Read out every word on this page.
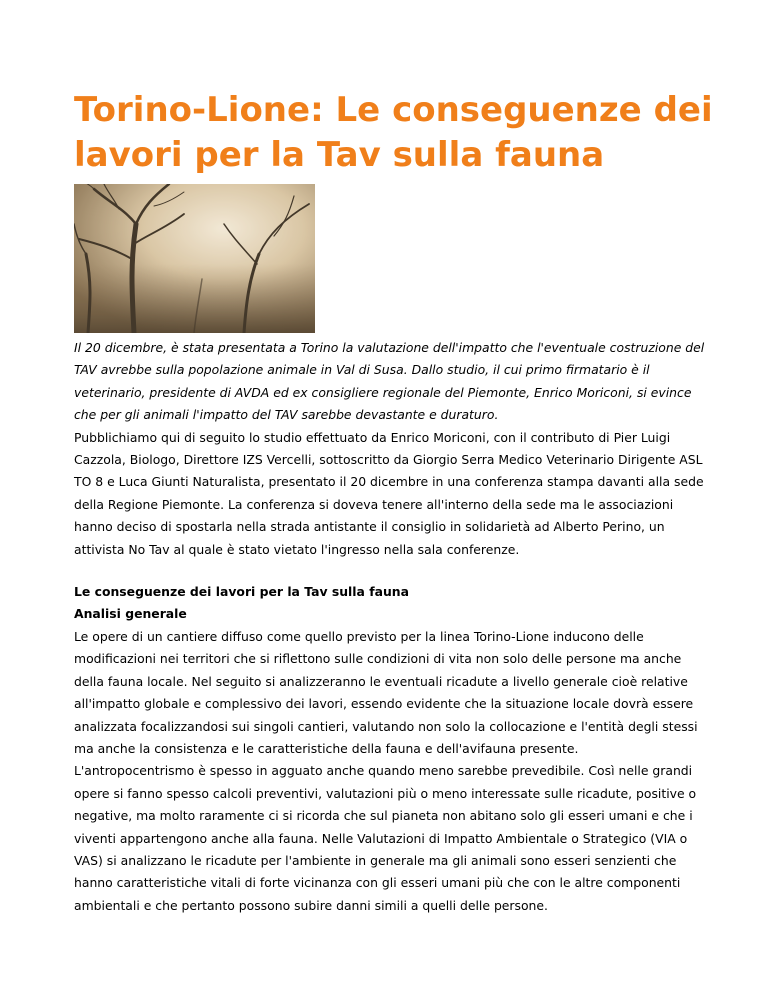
Torino-Lione: Le conseguenze dei lavori per la Tav sulla fauna

Il 20 dicembre, è stata presentata a Torino la valutazione dell'impatto che l'eventuale costruzione del TAV avrebbe sulla popolazione animale in Val di Susa. Dallo studio, il cui primo firmatario è il veterinario, presidente di AVDA ed ex consigliere regionale del Piemonte, Enrico Moriconi, si evince che per gli animali l'impatto del TAV sarebbe devastante e duraturo.

Pubblichiamo qui di seguito lo studio effettuato da Enrico Moriconi, con il contributo di Pier Luigi Cazzola, Biologo, Direttore IZS Vercelli, sottoscritto da Giorgio Serra Medico Veterinario Dirigente ASL TO 8 e Luca Giunti Naturalista, presentato il 20 dicembre in una conferenza stampa davanti alla sede della Regione Piemonte. La conferenza si doveva tenere all'interno della sede ma le associazioni hanno deciso di spostarla nella strada antistante il consiglio in solidarietà ad Alberto Perino, un attivista No Tav al quale è stato vietato l'ingresso nella sala conferenze.

Le conseguenze dei lavori per la Tav sulla fauna

Analisi generale

Le opere di un cantiere diffuso come quello previsto per la linea Torino-Lione inducono delle modificazioni nei territori che si riflettono sulle condizioni di vita non solo delle persone ma anche della fauna locale. Nel seguito si analizzeranno le eventuali ricadute a livello generale cioè relative all'impatto globale e complessivo dei lavori, essendo evidente che la situazione locale dovrà essere analizzata focalizzandosi sui singoli cantieri, valutando non solo la collocazione e l'entità degli stessi ma anche la consistenza e le caratteristiche della fauna e dell'avifauna presente.

L'antropocentrismo è spesso in agguato anche quando meno sarebbe prevedibile. Così nelle grandi opere si fanno spesso calcoli preventivi, valutazioni più o meno interessate sulle ricadute, positive o negative, ma molto raramente ci si ricorda che sul pianeta non abitano solo gli esseri umani e che i viventi appartengono anche alla fauna. Nelle Valutazioni di Impatto Ambientale o Strategico (VIA o VAS) si analizzano le ricadute per l'ambiente in generale ma gli animali sono esseri senzienti che hanno caratteristiche vitali di forte vicinanza con gli esseri umani più che con le altre componenti ambientali e che pertanto possono subire danni simili a quelli delle persone.
